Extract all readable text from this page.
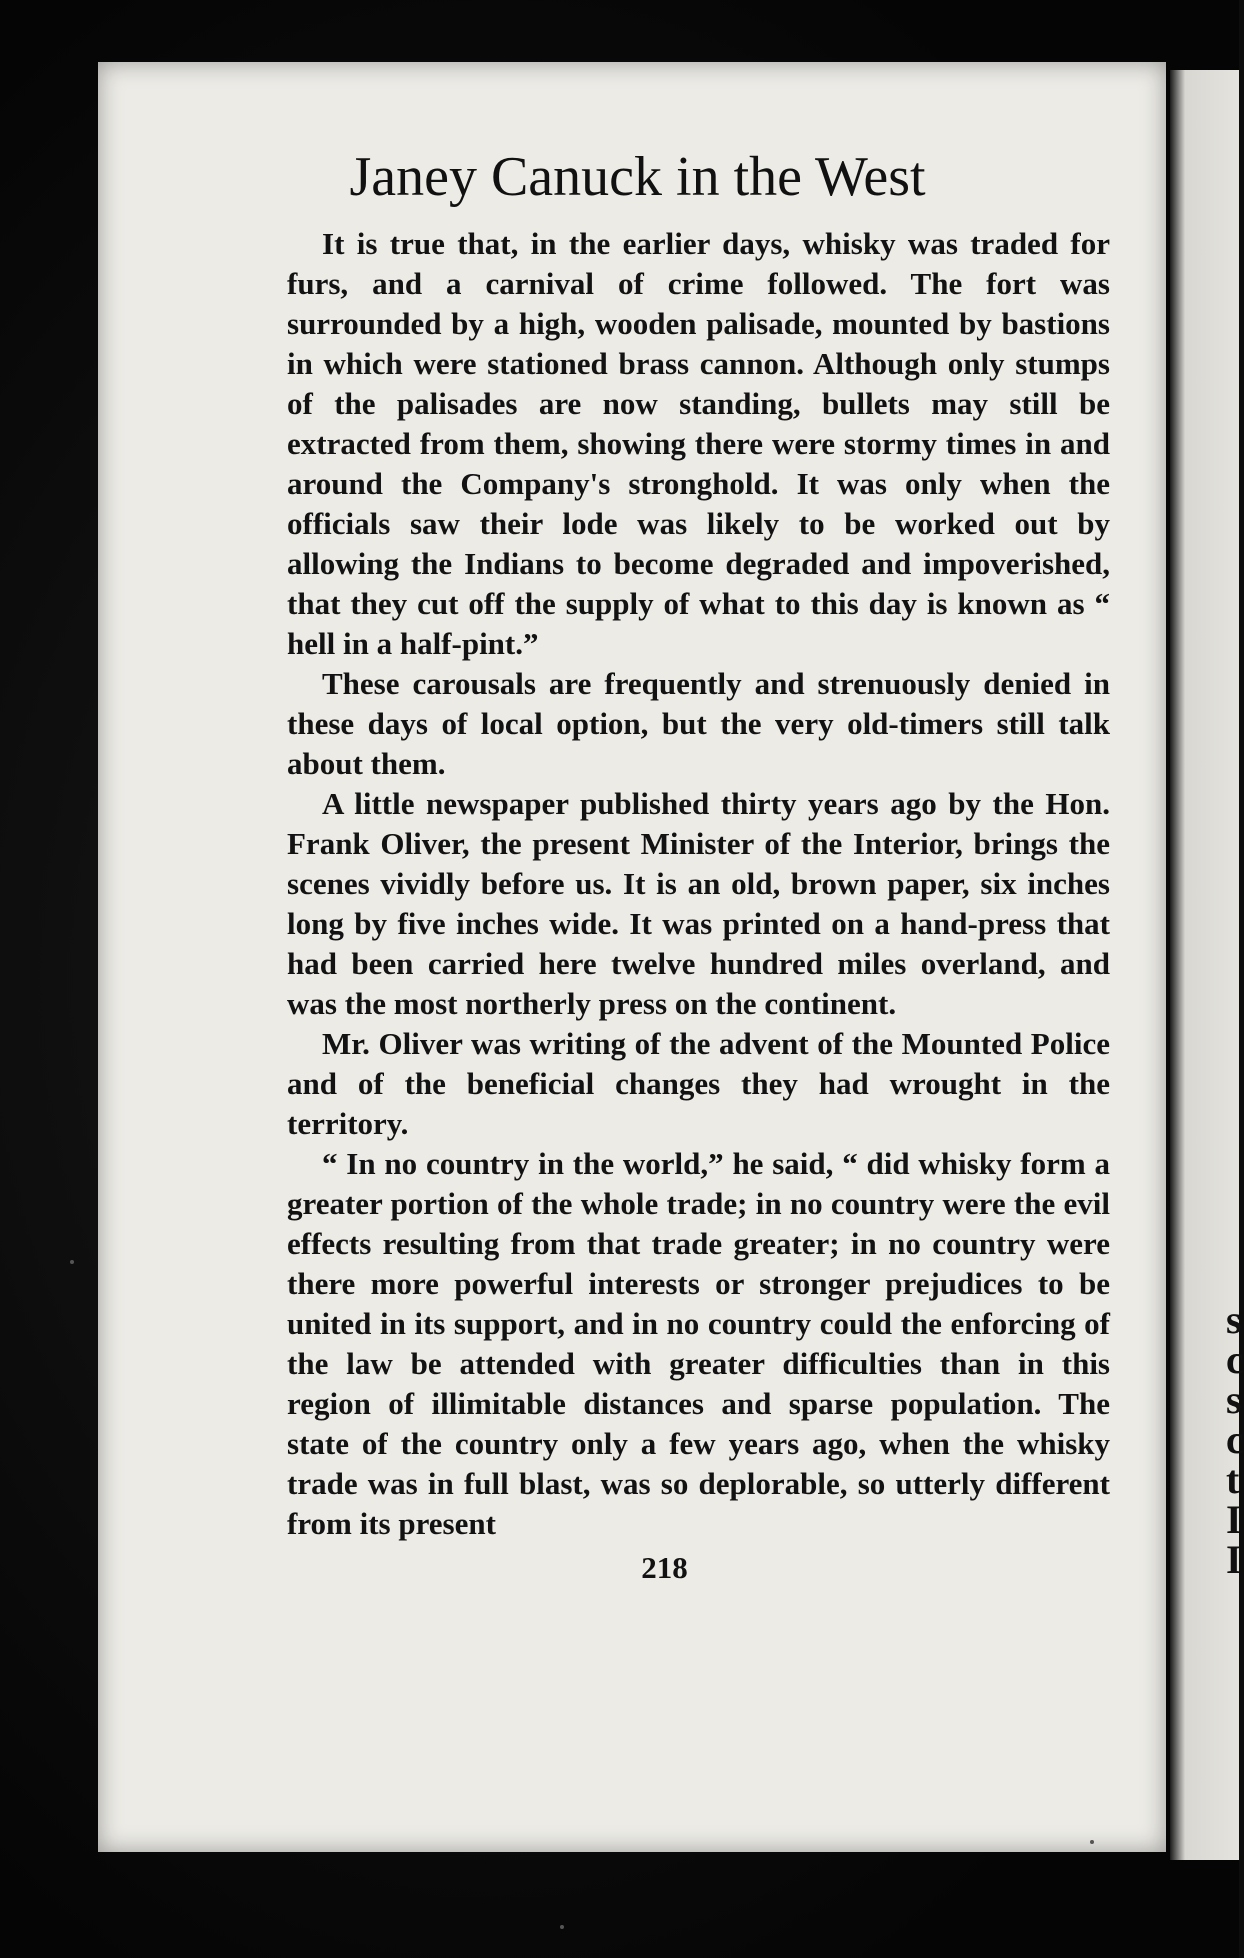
s c s c t I I
Janey Canuck in the West

It is true that, in the earlier days, whisky was traded for furs, and a carnival of crime followed. The fort was surrounded by a high, wooden palisade, mounted by bastions in which were stationed brass cannon. Although only stumps of the palisades are now standing, bullets may still be extracted from them, showing there were stormy times in and around the Company's stronghold. It was only when the officials saw their lode was likely to be worked out by allowing the Indians to become degraded and impoverished, that they cut off the supply of what to this day is known as “ hell in a half-pint.”

These carousals are frequently and strenuously denied in these days of local option, but the very old-timers still talk about them.

A little newspaper published thirty years ago by the Hon. Frank Oliver, the present Minister of the Interior, brings the scenes vividly before us. It is an old, brown paper, six inches long by five inches wide. It was printed on a hand-press that had been carried here twelve hundred miles overland, and was the most northerly press on the continent.

Mr. Oliver was writing of the advent of the Mounted Police and of the beneficial changes they had wrought in the territory.

“ In no country in the world,” he said, “ did whisky form a greater portion of the whole trade; in no country were the evil effects resulting from that trade greater; in no country were there more powerful interests or stronger prejudices to be united in its support, and in no country could the enforcing of the law be attended with greater difficulties than in this region of illimitable distances and sparse population. The state of the country only a few years ago, when the whisky trade was in full blast, was so deplorable, so utterly different from its present

218
